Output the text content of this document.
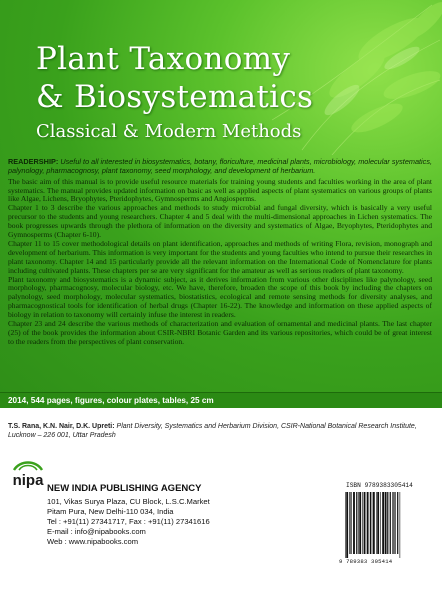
Plant Taxonomy
& Biosystematics
Classical & Modern Methods

READERSHIP: Useful to all interested in biosystematics, botany, floriculture, medicinal plants, microbiology, molecular systematics, palynology, pharmacognosy, plant taxonomy, seed morphology, and development of herbarium.

The basic aim of this manual is to provide useful resource materials for training young students and faculties working in the area of plant systematics. The manual provides updated information on basic as well as applied aspects of plant systematics on various groups of plants like Algae, Lichens, Bryophytes, Pteridophytes, Gymnosperms and Angiosperms.

Chapter 1 to 3 describe the various approaches and methods to study microbial and fungal diversity, which is basically a very useful precursor to the students and young researchers. Chapter 4 and 5 deal with the multi-dimensional approaches in Lichen systematics. The book progresses upwards through the plethora of information on the diversity and systematics of Algae, Bryophytes, Pteridophytes and Gymnosperms (Chapter 6-10).

Chapter 11 to 15 cover methodological details on plant identification, approaches and methods of writing Flora, revision, monograph and development of herbarium. This information is very important for the students and young faculties who intend to pursue their researches in plant taxonomy. Chapter 14 and 15 particularly provide all the relevant information on the International Code of Nomenclature for plants including cultivated plants. These chapters per se are very significant for the amateur as well as serious readers of plant taxonomy.

Plant taxonomy and biosystematics is a dynamic subject, as it derives information from various other disciplines like palynology, seed morphology, pharmacognosy, molecular biology, etc. We have, therefore, broaden the scope of this book by including the chapters on palynology, seed morphology, molecular systematics, biostatistics, ecological and remote sensing methods for diversity analyses, and pharmacognostical tools for identification of herbal drugs (Chapter 16-22). The knowledge and information on these applied aspects of biology in relation to taxonomy will certainly infuse the interest in readers.

Chapter 23 and 24 describe the various methods of characterization and evaluation of ornamental and medicinal plants. The last chapter (25) of the book provides the information about CSIR-NBRI Botanic Garden and its various repositories, which could be of great interest to the readers from the perspectives of plant conservation.

2014, 544 pages, figures, colour plates, tables, 25 cm
T.S. Rana, K.N. Nair, D.K. Upreti: Plant Diversity, Systematics and Herbarium Division, CSIR-National Botanical Research Institute, Lucknow – 226 001, Uttar Pradesh
nipa NEW INDIA PUBLISHING AGENCY
101, Vikas Surya Plaza, CU Block, L.S.C.Market
Pitam Pura, New Delhi-110 034, India
Tel : +91(11) 27341717, Fax : +91(11) 27341616
E-mail : info@nipabooks.com
Web : www.nipabooks.com
ISBN 9789383305414
9 789383 305414
